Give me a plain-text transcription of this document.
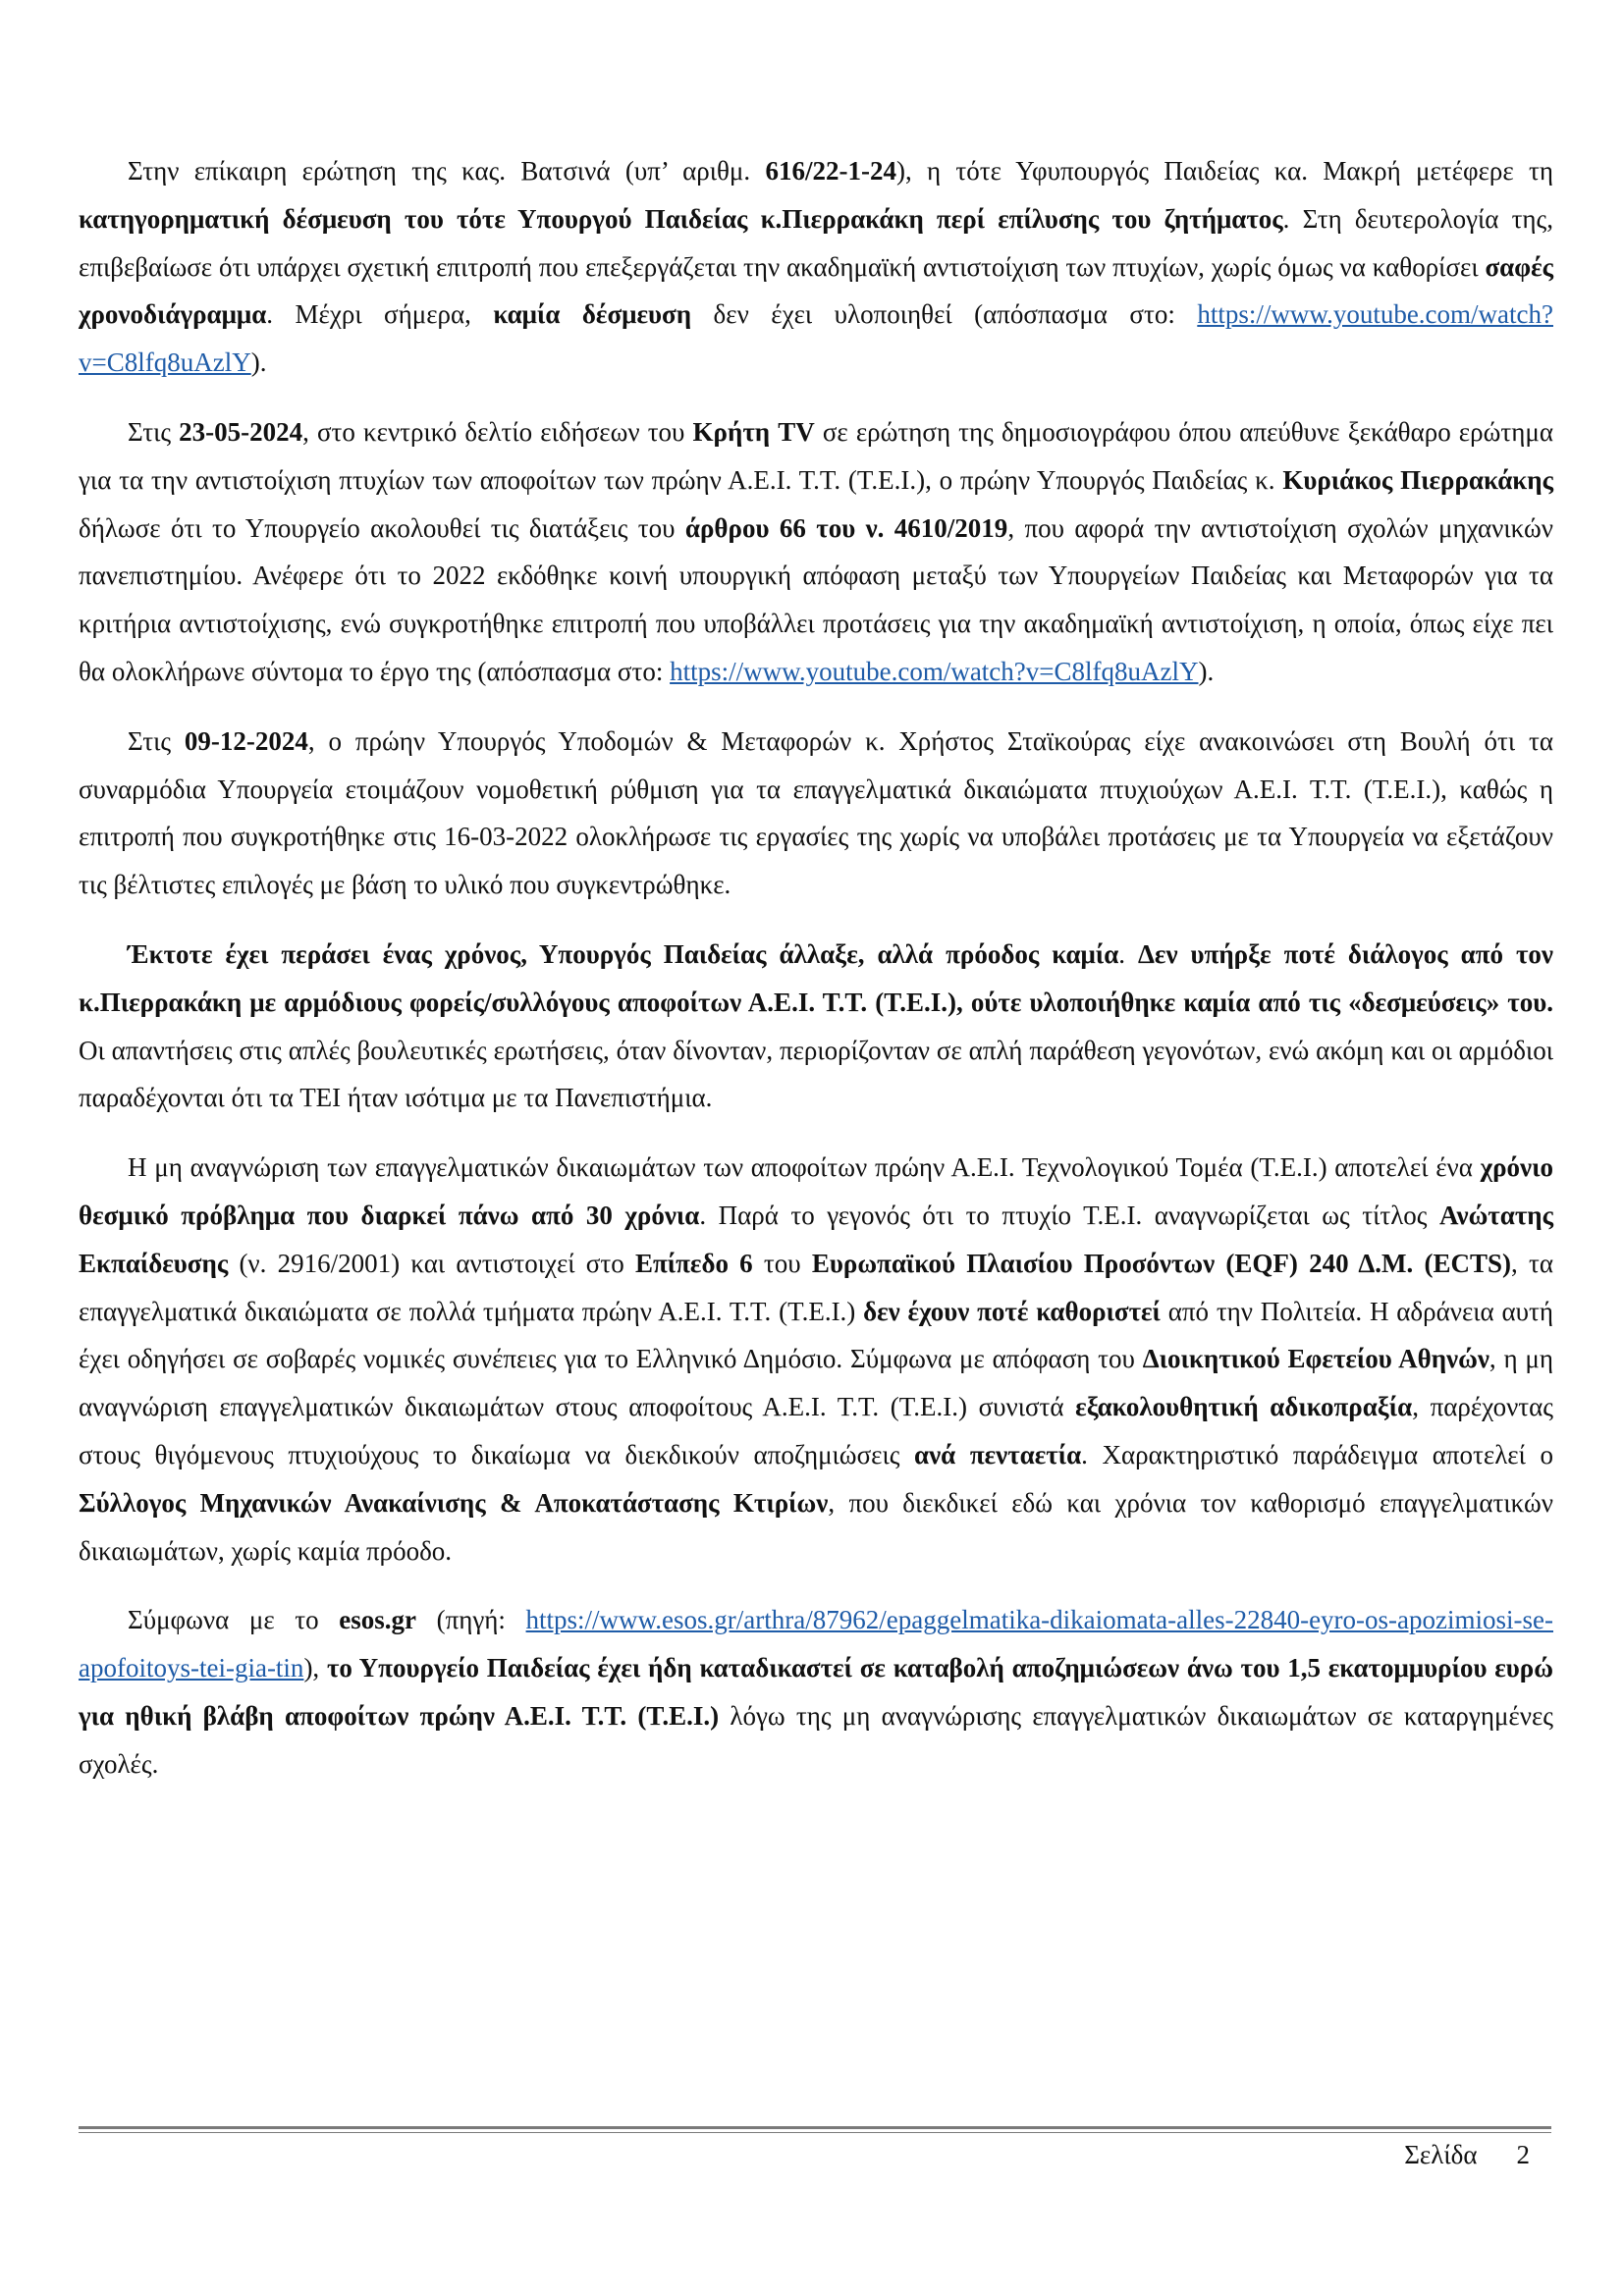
Στην επίκαιρη ερώτηση της κας. Βατσινά (υπ’ αριθμ. 616/22-1-24), η τότε Υφυπουργός Παιδείας κα. Μακρή μετέφερε τη κατηγορηματική δέσμευση του τότε Υπουργού Παιδείας κ.Πιερρακάκη περί επίλυσης του ζητήματος. Στη δευτερολογία της, επιβεβαίωσε ότι υπάρχει σχετική επιτροπή που επεξεργάζεται την ακαδημαϊκή αντιστοίχιση των πτυχίων, χωρίς όμως να καθορίσει σαφές χρονοδιάγραμμα. Μέχρι σήμερα, καμία δέσμευση δεν έχει υλοποιηθεί (απόσπασμα στο: https://www.youtube.com/watch?v=C8lfq8uAzlY).

Στις 23-05-2024, στο κεντρικό δελτίο ειδήσεων του Κρήτη TV σε ερώτηση της δημοσιογράφου όπου απεύθυνε ξεκάθαρο ερώτημα για τα την αντιστοίχιση πτυχίων των αποφοίτων των πρώην Α.Ε.Ι. Τ.Τ. (Τ.Ε.Ι.), ο πρώην Υπουργός Παιδείας κ. Κυριάκος Πιερρακάκης δήλωσε ότι το Υπουργείο ακολουθεί τις διατάξεις του άρθρου 66 του ν. 4610/2019, που αφορά την αντιστοίχιση σχολών μηχανικών πανεπιστημίου. Ανέφερε ότι το 2022 εκδόθηκε κοινή υπουργική απόφαση μεταξύ των Υπουργείων Παιδείας και Μεταφορών για τα κριτήρια αντιστοίχισης, ενώ συγκροτήθηκε επιτροπή που υποβάλλει προτάσεις για την ακαδημαϊκή αντιστοίχιση, η οποία, όπως είχε πει θα ολοκλήρωνε σύντομα το έργο της (απόσπασμα στο: https://www.youtube.com/watch?v=C8lfq8uAzlY).

Στις 09-12-2024, ο πρώην Υπουργός Υποδομών & Μεταφορών κ. Χρήστος Σταϊκούρας είχε ανακοινώσει στη Βουλή ότι τα συναρμόδια Υπουργεία ετοιμάζουν νομοθετική ρύθμιση για τα επαγγελματικά δικαιώματα πτυχιούχων Α.Ε.Ι. Τ.Τ. (Τ.Ε.Ι.), καθώς η επιτροπή που συγκροτήθηκε στις 16-03-2022 ολοκλήρωσε τις εργασίες της χωρίς να υποβάλει προτάσεις με τα Υπουργεία να εξετάζουν τις βέλτιστες επιλογές με βάση το υλικό που συγκεντρώθηκε.

Έκτοτε έχει περάσει ένας χρόνος, Υπουργός Παιδείας άλλαξε, αλλά πρόοδος καμία. Δεν υπήρξε ποτέ διάλογος από τον κ.Πιερρακάκη με αρμόδιους φορείς/συλλόγους αποφοίτων Α.Ε.Ι. Τ.Τ. (Τ.Ε.Ι.), ούτε υλοποιήθηκε καμία από τις «δεσμεύσεις» του. Οι απαντήσεις στις απλές βουλευτικές ερωτήσεις, όταν δίνονταν, περιορίζονταν σε απλή παράθεση γεγονότων, ενώ ακόμη και οι αρμόδιοι παραδέχονται ότι τα ΤΕΙ ήταν ισότιμα με τα Πανεπιστήμια.

Η μη αναγνώριση των επαγγελματικών δικαιωμάτων των αποφοίτων πρώην Α.Ε.Ι. Τεχνολογικού Τομέα (Τ.Ε.Ι.) αποτελεί ένα χρόνιο θεσμικό πρόβλημα που διαρκεί πάνω από 30 χρόνια. Παρά το γεγονός ότι το πτυχίο Τ.Ε.Ι. αναγνωρίζεται ως τίτλος Ανώτατης Εκπαίδευσης (ν. 2916/2001) και αντιστοιχεί στο Επίπεδο 6 του Ευρωπαϊκού Πλαισίου Προσόντων (EQF) 240 Δ.Μ. (ECTS), τα επαγγελματικά δικαιώματα σε πολλά τμήματα πρώην Α.Ε.Ι. Τ.Τ. (Τ.Ε.Ι.) δεν έχουν ποτέ καθοριστεί από την Πολιτεία. Η αδράνεια αυτή έχει οδηγήσει σε σοβαρές νομικές συνέπειες για το Ελληνικό Δημόσιο. Σύμφωνα με απόφαση του Διοικητικού Εφετείου Αθηνών, η μη αναγνώριση επαγγελματικών δικαιωμάτων στους αποφοίτους Α.Ε.Ι. Τ.Τ. (Τ.Ε.Ι.) συνιστά εξακολουθητική αδικοπραξία, παρέχοντας στους θιγόμενους πτυχιούχους το δικαίωμα να διεκδικούν αποζημιώσεις ανά πενταετία. Χαρακτηριστικό παράδειγμα αποτελεί ο Σύλλογος Μηχανικών Ανακαίνισης & Αποκατάστασης Κτιρίων, που διεκδικεί εδώ και χρόνια τον καθορισμό επαγγελματικών δικαιωμάτων, χωρίς καμία πρόοδο.

Σύμφωνα με το esos.gr (πηγή: https://www.esos.gr/arthra/87962/epaggelmatika-dikaiomata-alles-22840-eyro-os-apozimiosi-se-apofoitoys-tei-gia-tin), το Υπουργείο Παιδείας έχει ήδη καταδικαστεί σε καταβολή αποζημιώσεων άνω του 1,5 εκατομμυρίου ευρώ για ηθική βλάβη αποφοίτων πρώην Α.Ε.Ι. Τ.Τ. (Τ.Ε.Ι.) λόγω της μη αναγνώρισης επαγγελματικών δικαιωμάτων σε καταργημένες σχολές.

Σελίδα 2
